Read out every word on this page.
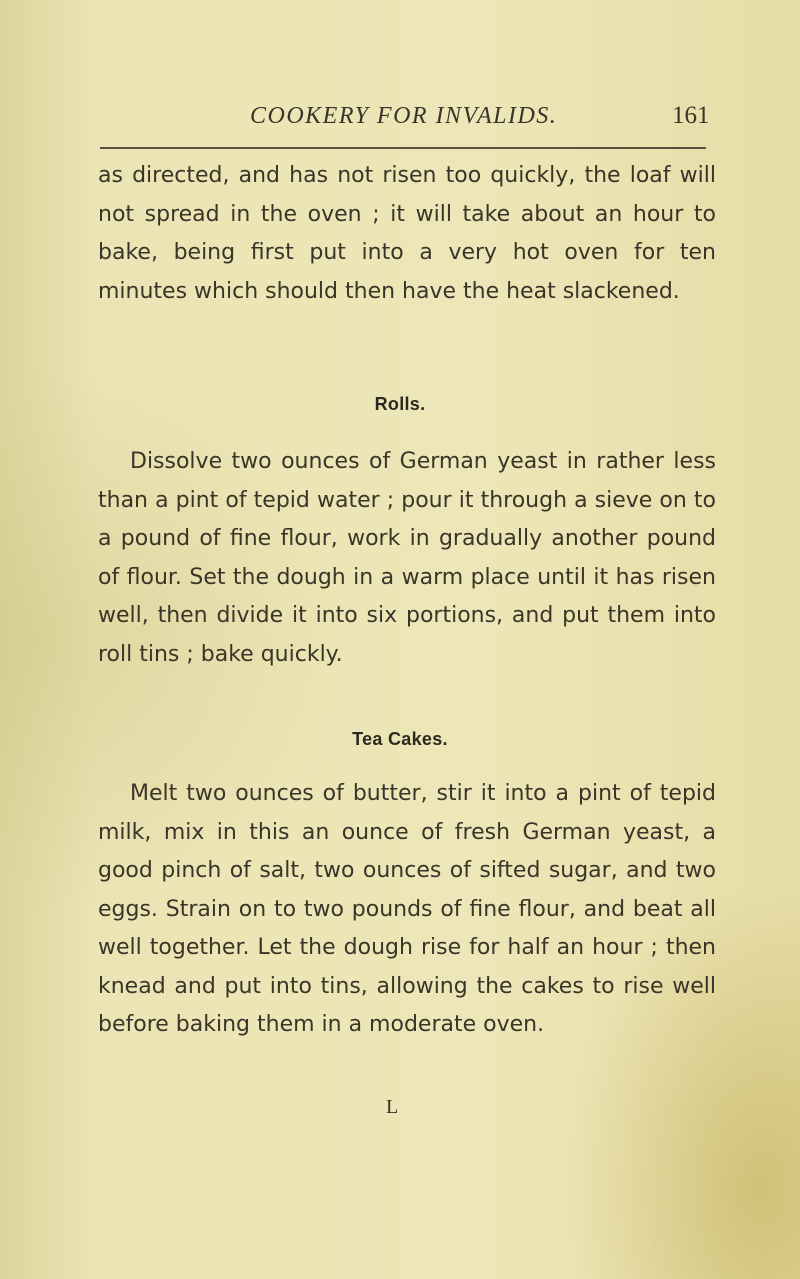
COOKERY FOR INVALIDS.	161

as directed, and has not risen too quickly, the loaf will not spread in the oven ; it will take about an hour to bake, being first put into a very hot oven for ten minutes which should then have the heat slackened.

Rolls.

Dissolve two ounces of German yeast in rather less than a pint of tepid water ; pour it through a sieve on to a pound of fine flour, work in gradually another pound of flour. Set the dough in a warm place until it has risen well, then divide it into six portions, and put them into roll tins ; bake quickly.

Tea Cakes.

Melt two ounces of butter, stir it into a pint of tepid milk, mix in this an ounce of fresh German yeast, a good pinch of salt, two ounces of sifted sugar, and two eggs. Strain on to two pounds of fine flour, and beat all well together. Let the dough rise for half an hour ; then knead and put into tins, allowing the cakes to rise well before baking them in a moderate oven.

L
